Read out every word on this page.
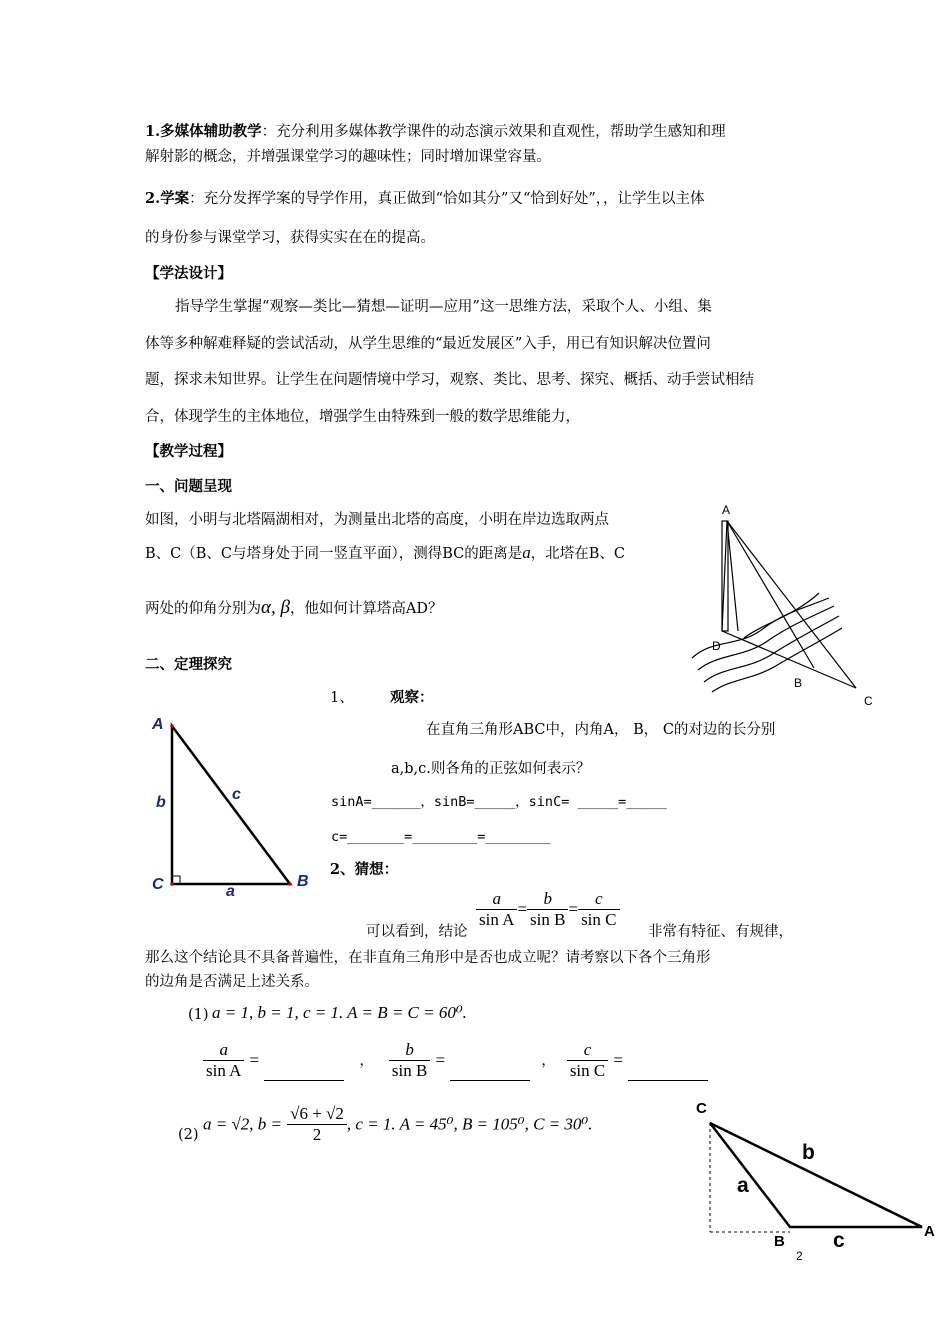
1.多媒体辅助教学：充分利用多媒体教学课件的动态演示效果和直观性，帮助学生感知和理
解射影的概念，并增强课堂学习的趣味性；同时增加课堂容量。
2.学案：充分发挥学案的导学作用，真正做到“恰如其分”又“恰到好处”，，让学生以主体
的身份参与课堂学习，获得实实在在的提高。
【学法设计】
指导学生掌握“观察—类比—猜想—证明—应用”这一思维方法，采取个人、小组、集
体等多种解难释疑的尝试活动，从学生思维的“最近发展区”入手，用已有知识解决位置问
题，探求未知世界。让学生在问题情境中学习，观察、类比、思考、探究、概括、动手尝试相结
合，体现学生的主体地位，增强学生由特殊到一般的数学思维能力，
【教学过程】
一、问题呈现
如图，小明与北塔隔湖相对，为测量出北塔的高度，小明在岸边选取两点
B、C（B、C与塔身处于同一竖直平面），测得BC的距离是a，北塔在B、C
两处的仰角分别为α, β，他如何计算塔高AD？
A
D
B
C
二、定理探究
A
C	B
b	c
a
1、	观察：
在直角三角形ABC中，内角A， B， C的对边的长分别
a,b,c.则各角的正弦如何表示？
sinA=______，sinB=_____，sinC= _____=_____
c=_______=________=________
2、猜想：
可以看到，结论
$\frac{a}{\text{sin A}} = \frac{b}{\text{sin B}} = \frac{c}{\text{sin C}}$
非常有特征、有规律，
那么这个结论具不具备普遍性，在非直角三角形中是否也成立呢？请考察以下各个三角形
的边角是否满足上述关系。
(1) a = 1, b = 1, c = 1. A = B = C = 60⁰.
$\frac{a}{\text{sin A}}$ =	， $\frac{b}{\text{sin B}}$ =	， $\frac{c}{\text{sin C}}$ =
(2)
a = √2, $b = \frac{√6 + √2}{2}$ , c = 1. A = 45⁰, B = 105⁰, C = 30⁰.
C
B
A
a
b
c
2
